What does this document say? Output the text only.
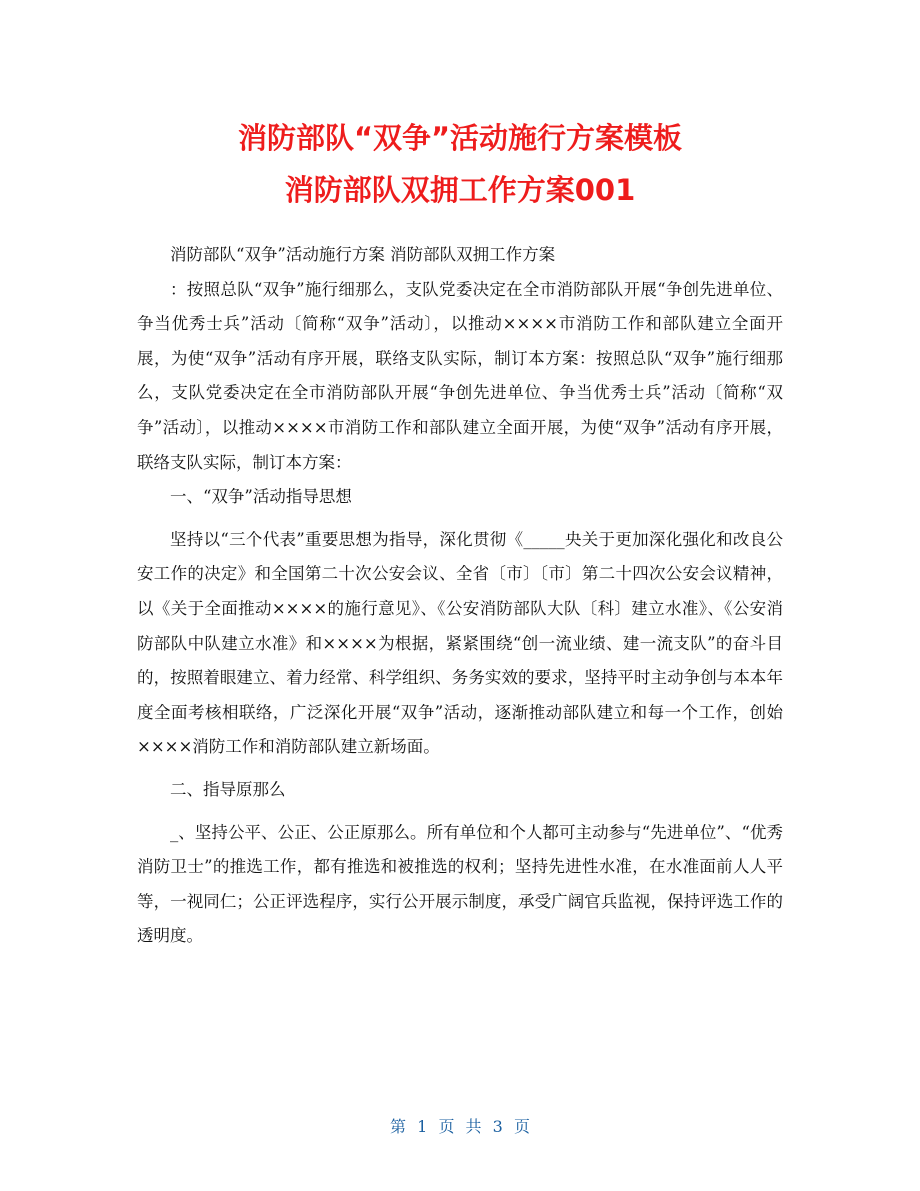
消防部队“双争”活动施行方案模板
消防部队双拥工作方案001

消防部队“双争”活动施行方案 消防部队双拥工作方案

：按照总队“双争”施行细那么，支队党委决定在全市消防部队开展“争创先进单位、争当优秀士兵”活动〔简称“双争”活动〕，以推动××××市消防工作和部队建立全面开展，为使“双争”活动有序开展，联络支队实际，制订本方案：按照总队“双争”施行细那么，支队党委决定在全市消防部队开展“争创先进单位、争当优秀士兵”活动〔简称“双争”活动〕，以推动××××市消防工作和部队建立全面开展，为使“双争”活动有序开展，联络支队实际，制订本方案：

一、“双争”活动指导思想

坚持以“三个代表”重要思想为指导，深化贯彻《_____央关于更加深化强化和改良公安工作的决定》和全国第二十次公安会议、全省〔市〕〔市〕第二十四次公安会议精神，以《关于全面推动××××的施行意见》、《公安消防部队大队〔科〕建立水准》、《公安消防部队中队建立水准》和××××为根据，紧紧围绕“创一流业绩、建一流支队”的奋斗目的，按照着眼建立、着力经常、科学组织、务务实效的要求，坚持平时主动争创与本本年度全面考核相联络，广泛深化开展“双争”活动，逐渐推动部队建立和每一个工作，创始××××消防工作和消防部队建立新场面。

二、指导原那么

_、坚持公平、公正、公正原那么。所有单位和个人都可主动参与“先进单位”、“优秀消防卫士”的推选工作，都有推选和被推选的权利；坚持先进性水准，在水准面前人人平等，一视同仁；公正评选程序，实行公开展示制度，承受广阔官兵监视，保持评选工作的透明度。

第 1 页 共 3 页
